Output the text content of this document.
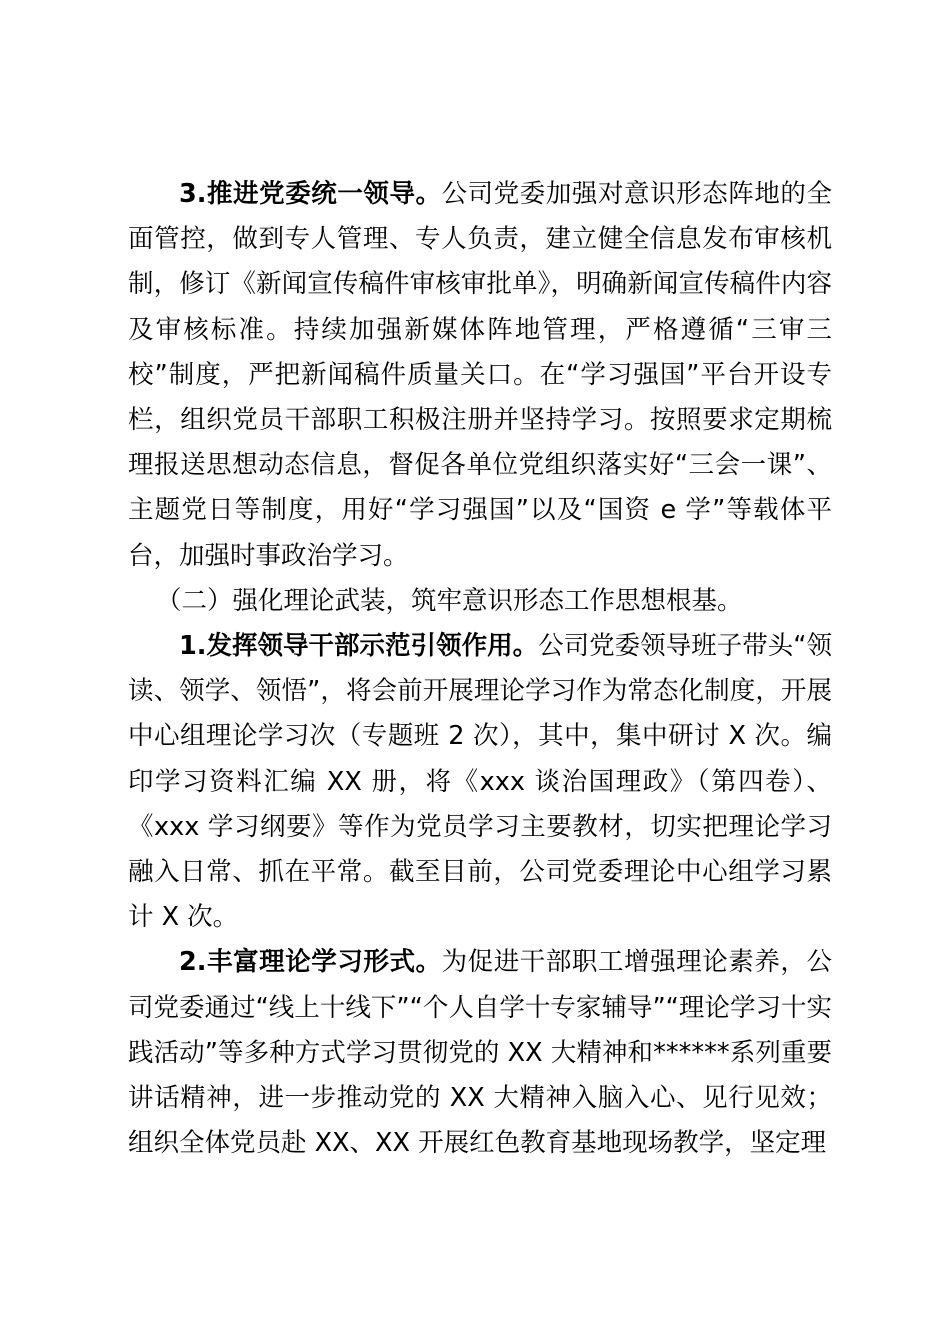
3.推进党委统一领导。公司党委加强对意识形态阵地的全面管控，做到专人管理、专人负责，建立健全信息发布审核机制，修订《新闻宣传稿件审核审批单》，明确新闻宣传稿件内容及审核标准。持续加强新媒体阵地管理，严格遵循“三审三校”制度，严把新闻稿件质量关口。在“学习强国”平台开设专栏，组织党员干部职工积极注册并坚持学习。按照要求定期梳理报送思想动态信息，督促各单位党组织落实好“三会一课”、主题党日等制度，用好“学习强国”以及“国资 e 学”等载体平台，加强时事政治学习。

（二）强化理论武装，筑牢意识形态工作思想根基。

1.发挥领导干部示范引领作用。公司党委领导班子带头“领读、领学、领悟”，将会前开展理论学习作为常态化制度，开展中心组理论学习次（专题班 2 次），其中，集中研讨 X 次。编印学习资料汇编 XX 册，将《xxx 谈治国理政》（第四卷）、《xxx 学习纲要》等作为党员学习主要教材，切实把理论学习融入日常、抓在平常。截至目前，公司党委理论中心组学习累计 X 次。

2.丰富理论学习形式。为促进干部职工增强理论素养，公司党委通过“线上十线下”“个人自学十专家辅导”“理论学习十实践活动”等多种方式学习贯彻党的 XX 大精神和******系列重要讲话精神，进一步推动党的 XX 大精神入脑入心、见行见效；组织全体党员赴 XX、XX 开展红色教育基地现场教学，坚定理
